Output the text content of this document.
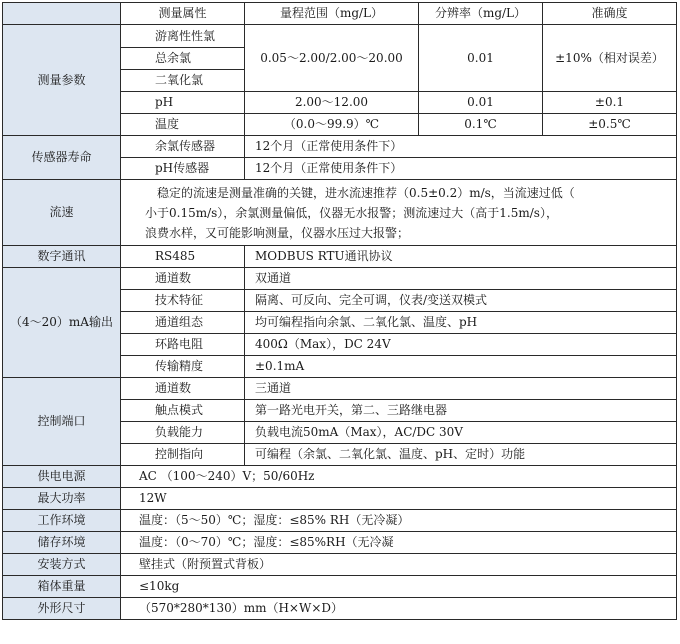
	测量属性	量程范围（mg/L）	分辨率（mg/L）	准确度
测量参数	游离性性氯	0.05～2.00/2.00～20.00	0.01	±10%（相对误差）
	总余氯			
	二氧化氯			
	pH	2.00～12.00	0.01	±0.1
	温度	（0.0～99.9）℃	0.1℃	±0.5℃
传感器寿命	余氯传感器	12个月（正常使用条件下）		
	pH传感器	12个月（正常使用条件下）		
流速	稳定的流速是测量准确的关键，进水流速推荐（0.5±0.2）m/s，当流速过低（
小于0.15m/s），余氯测量偏低，仪器无水报警；测流速过大（高于1.5m/s），
浪费水样，又可能影响测量，仪器水压过大报警；			

数字通讯	RS485	MODBUS RTU通讯协议		
（4～20）mA输出	通道数	双通道		
	技术特征	隔离、可反向、完全可调，仪表/变送双模式		
	通道组态	均可编程指向余氯、二氧化氯、温度、pH		
	环路电阻	400Ω（Max），DC 24V		
	传输精度	±0.1mA		
控制端口	通道数	三通道		
	触点模式	第一路光电开关，第二、三路继电器		
	负载能力	负载电流50mA（Max），AC/DC 30V		
	控制指向	可编程（余氯、二氧化氯、温度、pH、定时）功能		
供电电源	AC （100～240）V；50/60Hz			
最大功率	12W			
工作环境	温度：（5～50）℃；湿度：≤85% RH（无冷凝）			
储存环境	温度：（0～70）℃；湿度：≤85%RH（无冷凝			
安装方式	壁挂式（附预置式背板）			
箱体重量	≤10kg			
外形尺寸	（570*280*130）mm（H×W×D）			
